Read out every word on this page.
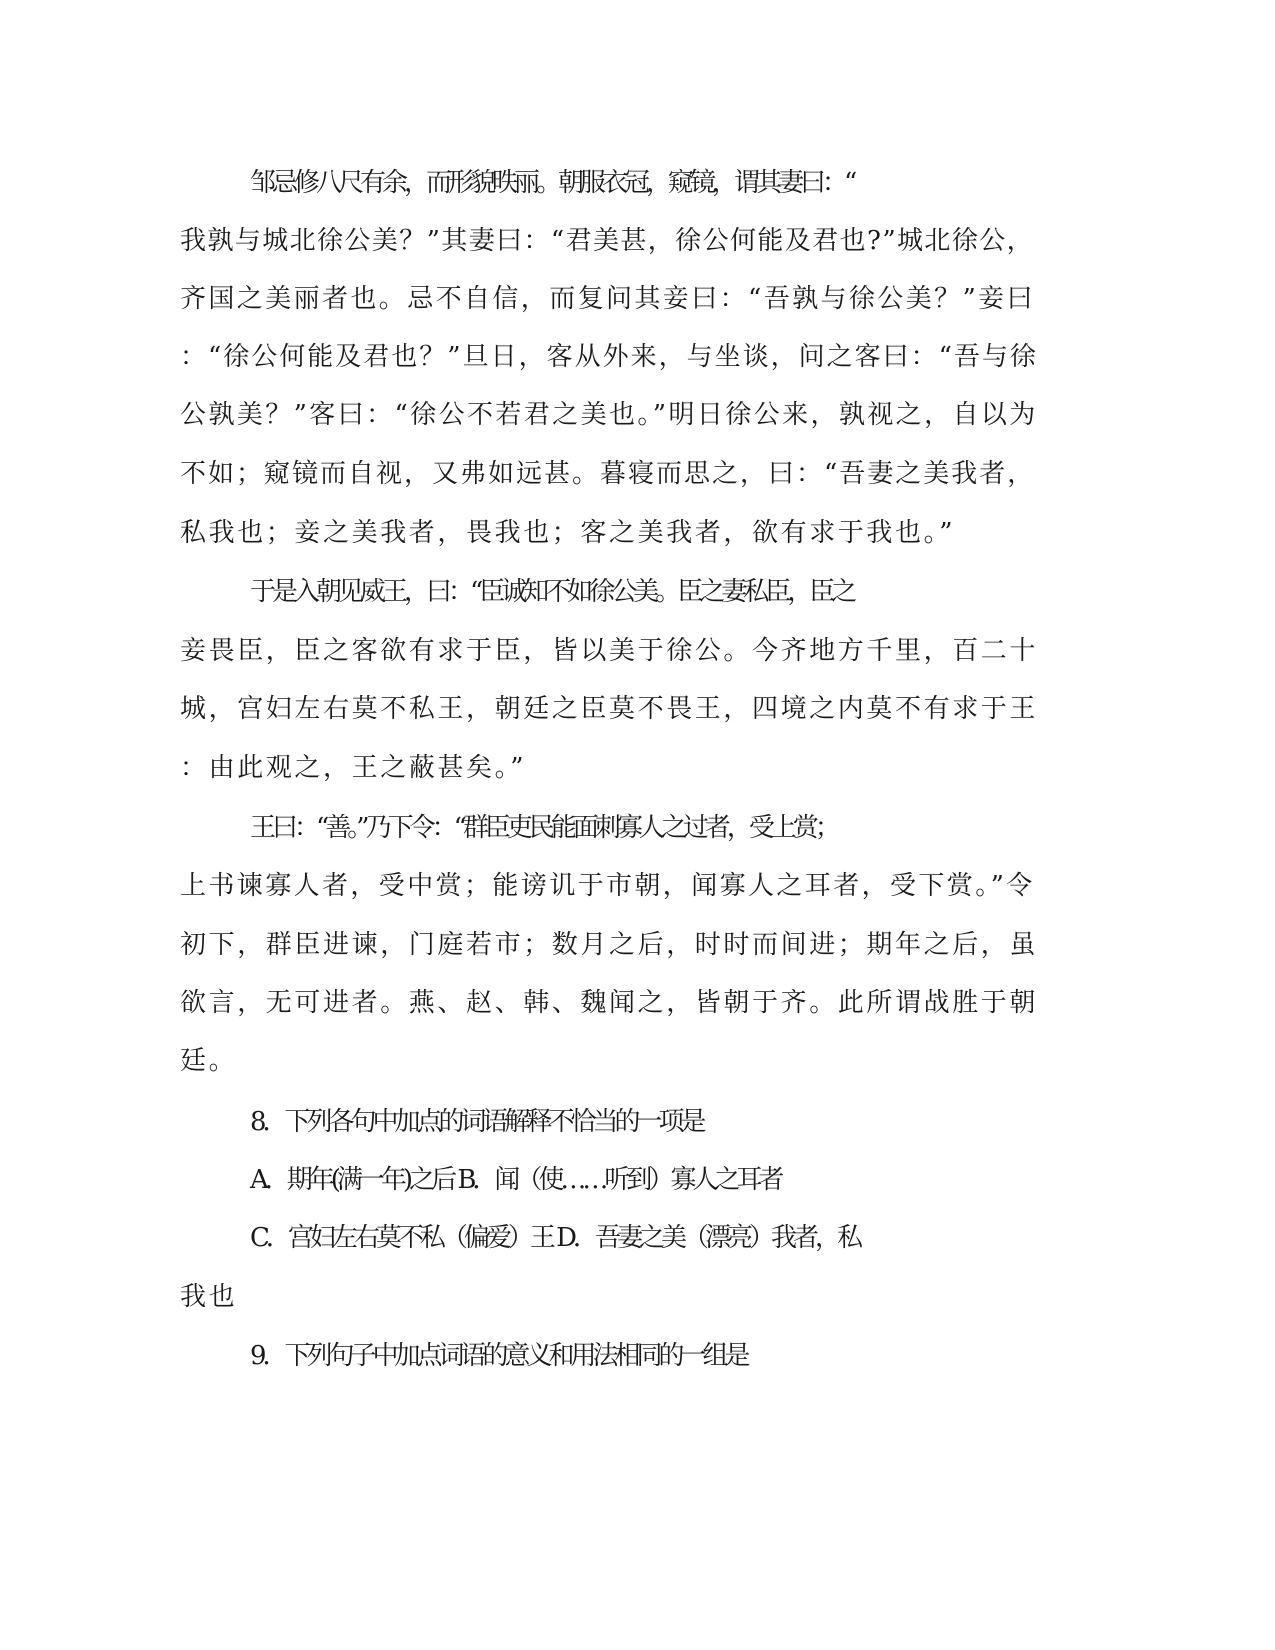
邹忌修八尺有余，而形貌昳丽。朝服衣冠，窥镜，谓其妻曰：“
我孰与城北徐公美？”其妻曰：“君美甚，徐公何能及君也?”城北徐公，
齐国之美丽者也。忌不自信，而复问其妾曰：“吾孰与徐公美？”妾曰
：“徐公何能及君也？”旦日，客从外来，与坐谈，问之客曰：“吾与徐
公孰美？”客曰：“徐公不若君之美也。”明日徐公来，孰视之，自以为
不如；窥镜而自视，又弗如远甚。暮寝而思之，曰：“吾妻之美我者，
私我也；妾之美我者，畏我也；客之美我者，欲有求于我也。”
于是入朝见威王，曰：“臣诚知不如徐公美。臣之妻私臣，臣之
妾畏臣，臣之客欲有求于臣，皆以美于徐公。今齐地方千里，百二十
城，宫妇左右莫不私王，朝廷之臣莫不畏王，四境之内莫不有求于王
：由此观之，王之蔽甚矣。”
王曰：“善。”乃下令：“群臣吏民能面刺寡人之过者，受上赏；
上书谏寡人者，受中赏；能谤讥于市朝，闻寡人之耳者，受下赏。”令
初下，群臣进谏，门庭若市；数月之后，时时而间进；期年之后，虽
欲言，无可进者。燕、赵、韩、魏闻之，皆朝于齐。此所谓战胜于朝
廷。
8．下列各句中加点的词语解释不恰当的一项是
A．期年(满一年)之后 B．闻（使……听到）寡人之耳者
C．宫妇左右莫不私（偏爱）王 D．吾妻之美（漂亮）我者，私
我也
9．下列句子中加点词语的意义和用法相同的一组是
